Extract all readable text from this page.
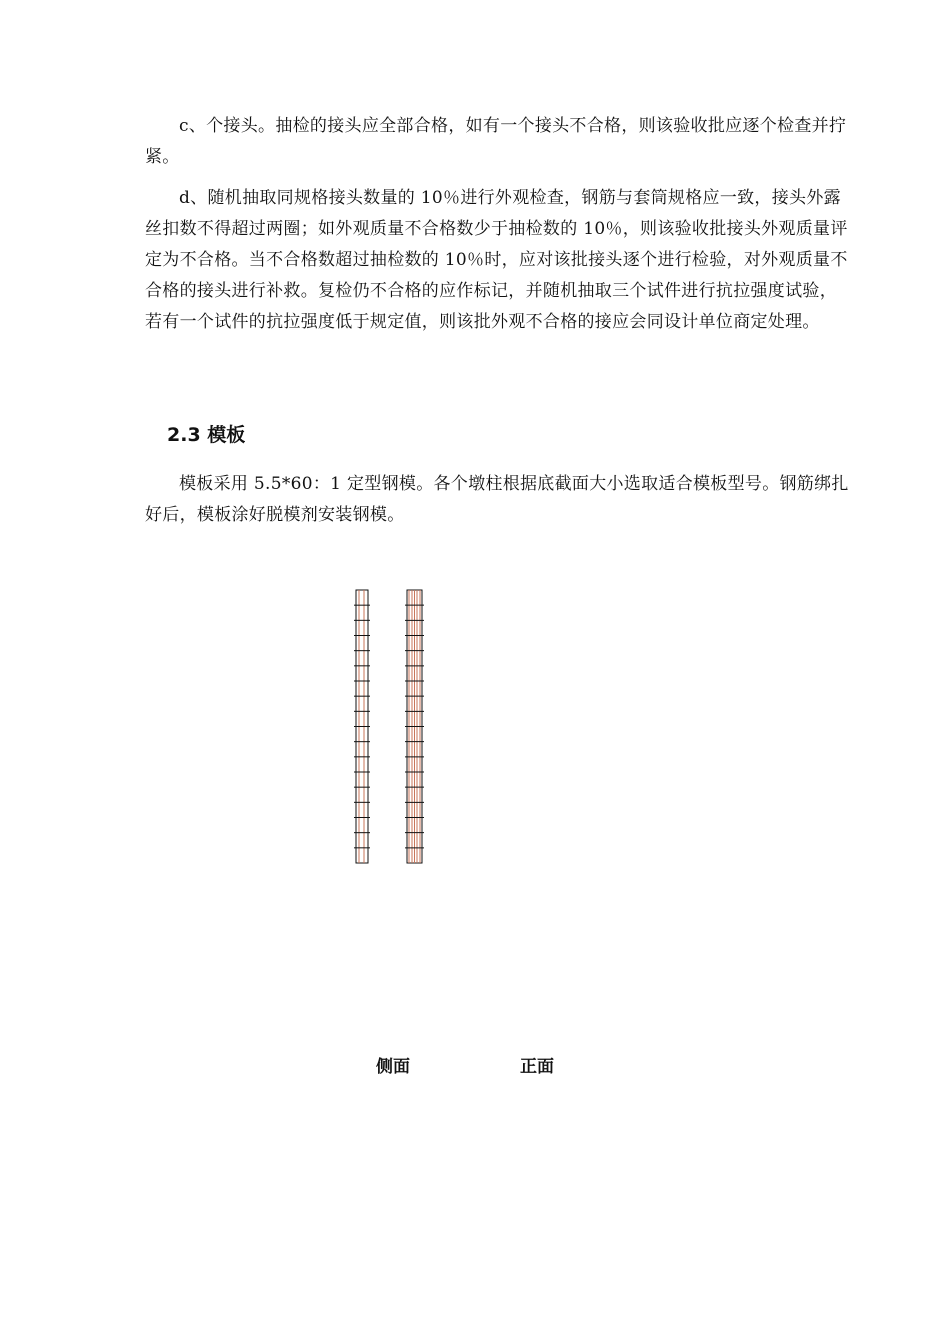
c、个接头。抽检的接头应全部合格，如有一个接头不合格，则该验收批应逐个检查并拧紧。

d、随机抽取同规格接头数量的 10％进行外观检查，钢筋与套筒规格应一致，接头外露丝扣数不得超过两圈；如外观质量不合格数少于抽检数的 10％，则该验收批接头外观质量评定为不合格。当不合格数超过抽检数的 10％时，应对该批接头逐个进行检验，对外观质量不合格的接头进行补救。复检仍不合格的应作标记，并随机抽取三个试件进行抗拉强度试验，若有一个试件的抗拉强度低于规定值，则该批外观不合格的接应会同设计单位商定处理。

2.3 模板

模板采用 5.5*60：1 定型钢模。各个墩柱根据底截面大小选取适合模板型号。钢筋绑扎好后，模板涂好脱模剂安装钢模。

侧面	正面
